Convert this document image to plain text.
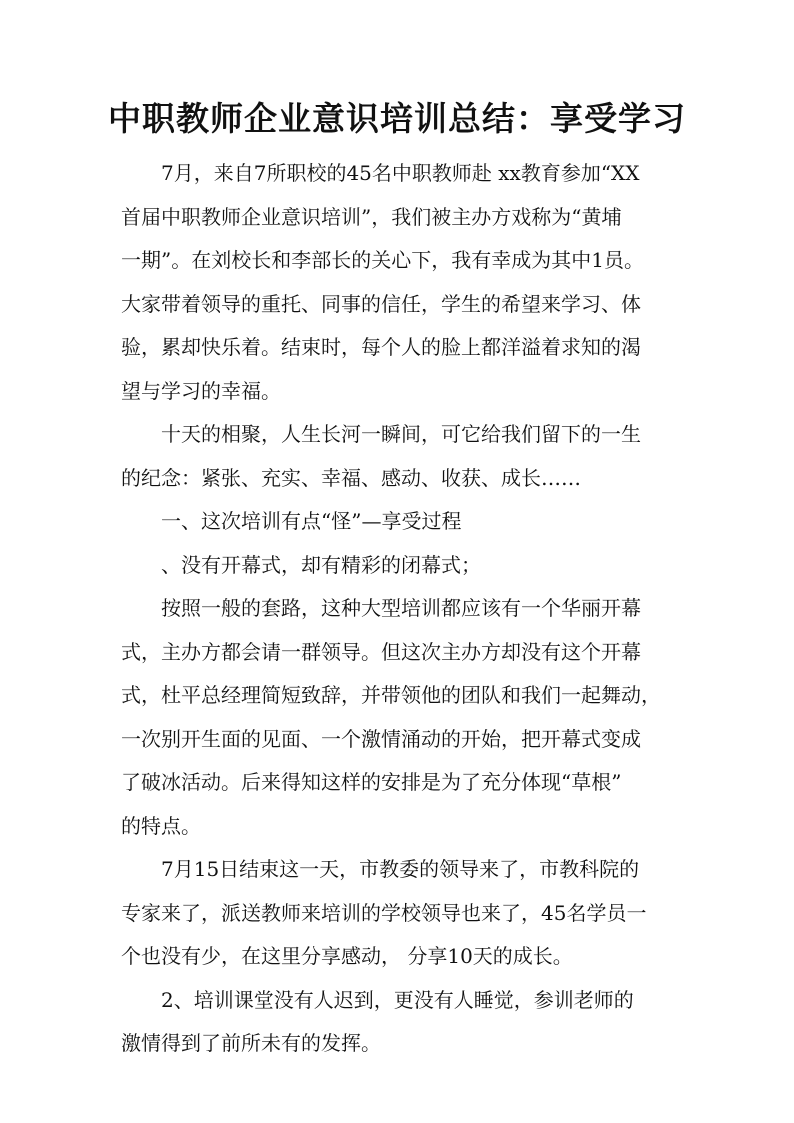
中职教师企业意识培训总结：享受学习

7月，来自7所职校的45名中职教师赴 xx教育参加“XX

首届中职教师企业意识培训”，我们被主办方戏称为“黄埔

一期”。在刘校长和李部长的关心下，我有幸成为其中1员。

大家带着领导的重托、同事的信任，学生的希望来学习、体

验，累却快乐着。结束时，每个人的脸上都洋溢着求知的渴

望与学习的幸福。

十天的相聚，人生长河一瞬间，可它给我们留下的一生

的纪念：紧张、充实、幸福、感动、收获、成长……

一、这次培训有点“怪”—享受过程

、没有开幕式，却有精彩的闭幕式；

按照一般的套路，这种大型培训都应该有一个华丽开幕

式，主办方都会请一群领导。但这次主办方却没有这个开幕

式，杜平总经理简短致辞，并带领他的团队和我们一起舞动，

一次别开生面的见面、一个激情涌动的开始，把开幕式变成

了破冰活动。后来得知这样的安排是为了充分体现“草根”

的特点。

7月15日结束这一天，市教委的领导来了，市教科院的

专家来了，派送教师来培训的学校领导也来了，45名学员一

个也没有少，在这里分享感动， 分享10天的成长。

2、培训课堂没有人迟到，更没有人睡觉，参训老师的

激情得到了前所未有的发挥。
